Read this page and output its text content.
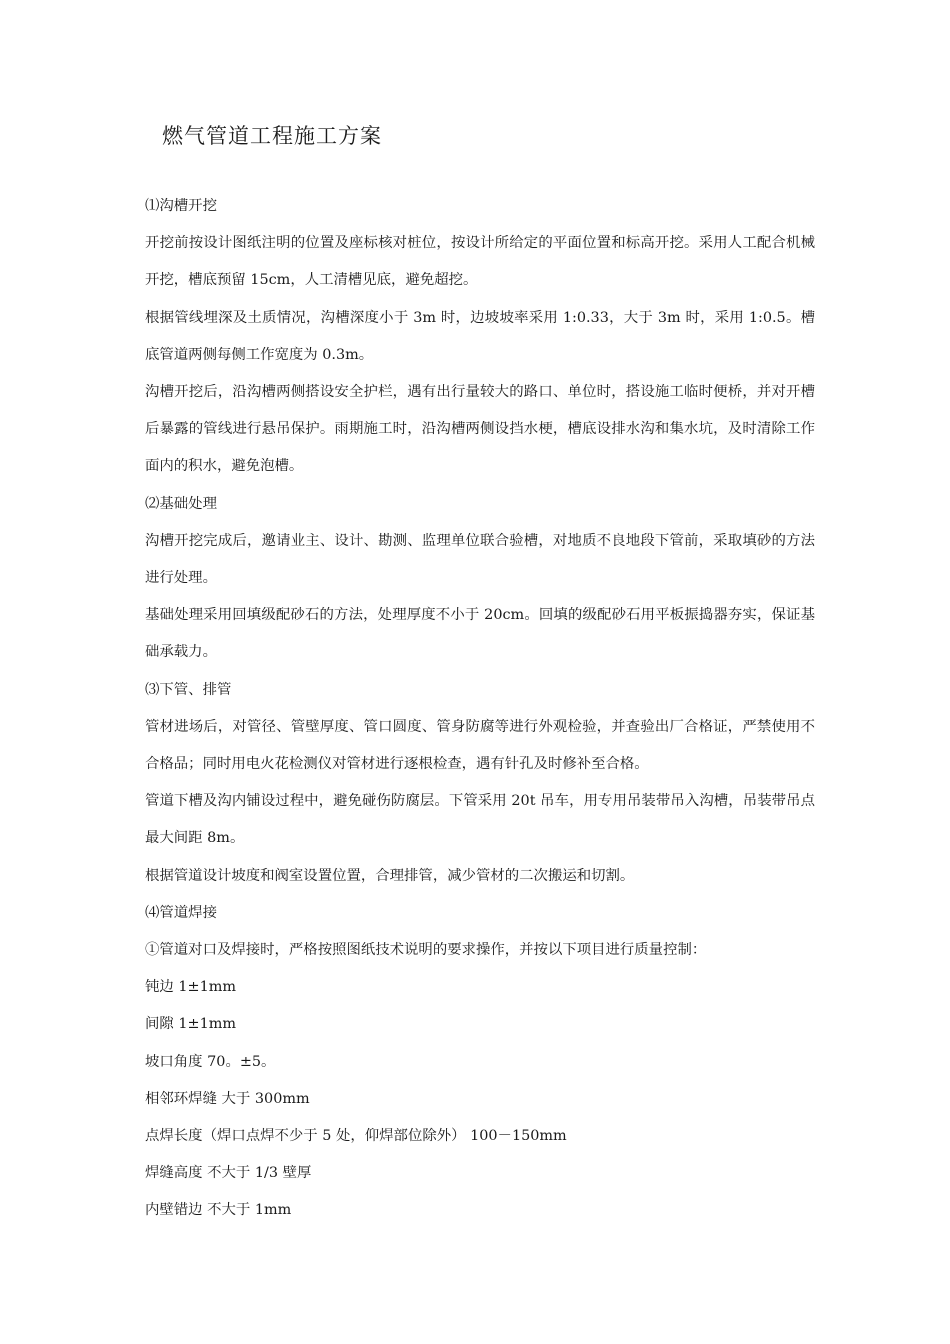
燃气管道工程施工方案

⑴沟槽开挖

开挖前按设计图纸注明的位置及座标核对桩位，按设计所给定的平面位置和标高开挖。采用人工配合机械开挖，槽底预留 15cm，人工清槽见底，避免超挖。

根据管线埋深及土质情况，沟槽深度小于 3m 时，边坡坡率采用 1:0.33，大于 3m 时，采用 1:0.5。槽底管道两侧每侧工作宽度为 0.3m。

沟槽开挖后，沿沟槽两侧搭设安全护栏，遇有出行量较大的路口、单位时，搭设施工临时便桥，并对开槽后暴露的管线进行悬吊保护。雨期施工时，沿沟槽两侧设挡水梗，槽底设排水沟和集水坑，及时清除工作面内的积水，避免泡槽。

⑵基础处理

沟槽开挖完成后，邀请业主、设计、勘测、监理单位联合验槽，对地质不良地段下管前，采取填砂的方法进行处理。

基础处理采用回填级配砂石的方法，处理厚度不小于 20cm。回填的级配砂石用平板振捣器夯实，保证基础承载力。

⑶下管、排管

管材进场后，对管径、管壁厚度、管口圆度、管身防腐等进行外观检验，并查验出厂合格证，严禁使用不合格品；同时用电火花检测仪对管材进行逐根检查，遇有针孔及时修补至合格。

管道下槽及沟内铺设过程中，避免碰伤防腐层。下管采用 20t 吊车，用专用吊装带吊入沟槽，吊装带吊点最大间距 8m。

根据管道设计坡度和阀室设置位置，合理排管，减少管材的二次搬运和切割。

⑷管道焊接

①管道对口及焊接时，严格按照图纸技术说明的要求操作，并按以下项目进行质量控制：

钝边 1±1mm

间隙 1±1mm

坡口角度 70。±5。

相邻环焊缝 大于 300mm

点焊长度（焊口点焊不少于 5 处，仰焊部位除外） 100－150mm

焊缝高度 不大于 1/3 壁厚

内壁错边 不大于 1mm
